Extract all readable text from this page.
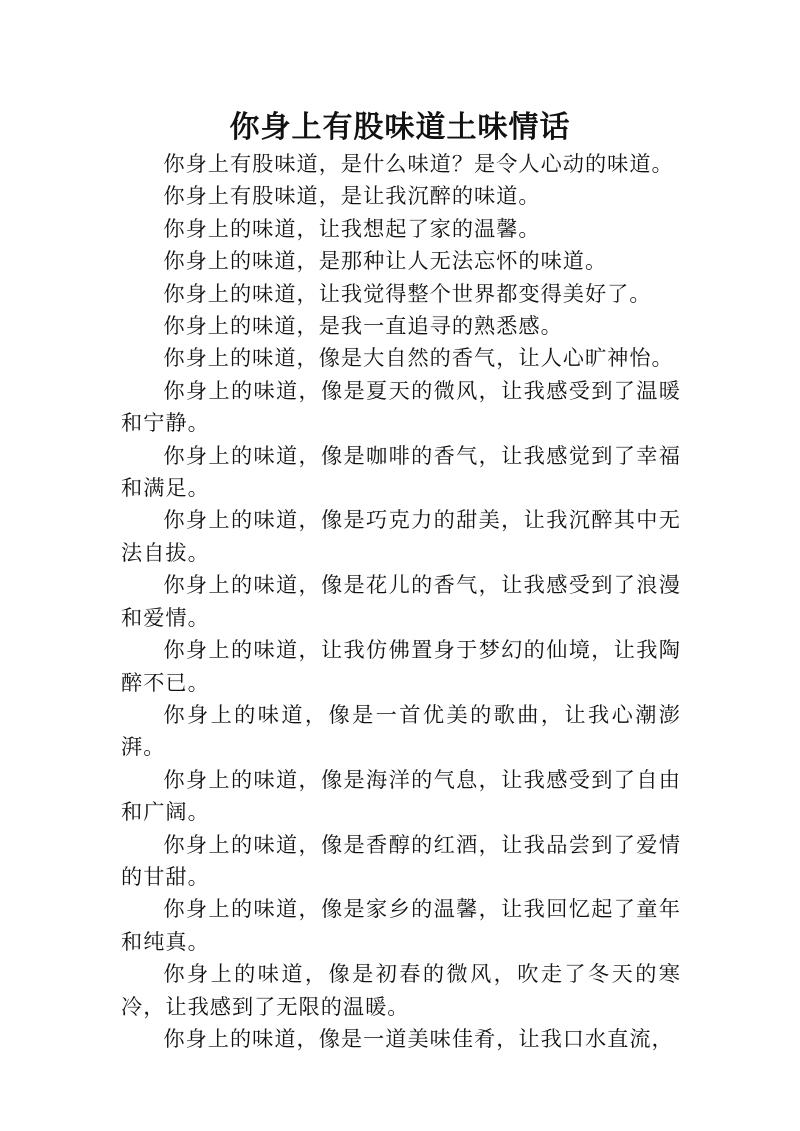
你身上有股味道土味情话

你身上有股味道，是什么味道？是令人心动的味道。

你身上有股味道，是让我沉醉的味道。

你身上的味道，让我想起了家的温馨。

你身上的味道，是那种让人无法忘怀的味道。

你身上的味道，让我觉得整个世界都变得美好了。

你身上的味道，是我一直追寻的熟悉感。

你身上的味道，像是大自然的香气，让人心旷神怡。

你身上的味道，像是夏天的微风，让我感受到了温暖和宁静。

你身上的味道，像是咖啡的香气，让我感觉到了幸福和满足。

你身上的味道，像是巧克力的甜美，让我沉醉其中无法自拔。

你身上的味道，像是花儿的香气，让我感受到了浪漫和爱情。

你身上的味道，让我仿佛置身于梦幻的仙境，让我陶醉不已。

你身上的味道，像是一首优美的歌曲，让我心潮澎湃。

你身上的味道，像是海洋的气息，让我感受到了自由和广阔。

你身上的味道，像是香醇的红酒，让我品尝到了爱情的甘甜。

你身上的味道，像是家乡的温馨，让我回忆起了童年和纯真。

你身上的味道，像是初春的微风，吹走了冬天的寒冷，让我感到了无限的温暖。

你身上的味道，像是一道美味佳肴，让我口水直流，
